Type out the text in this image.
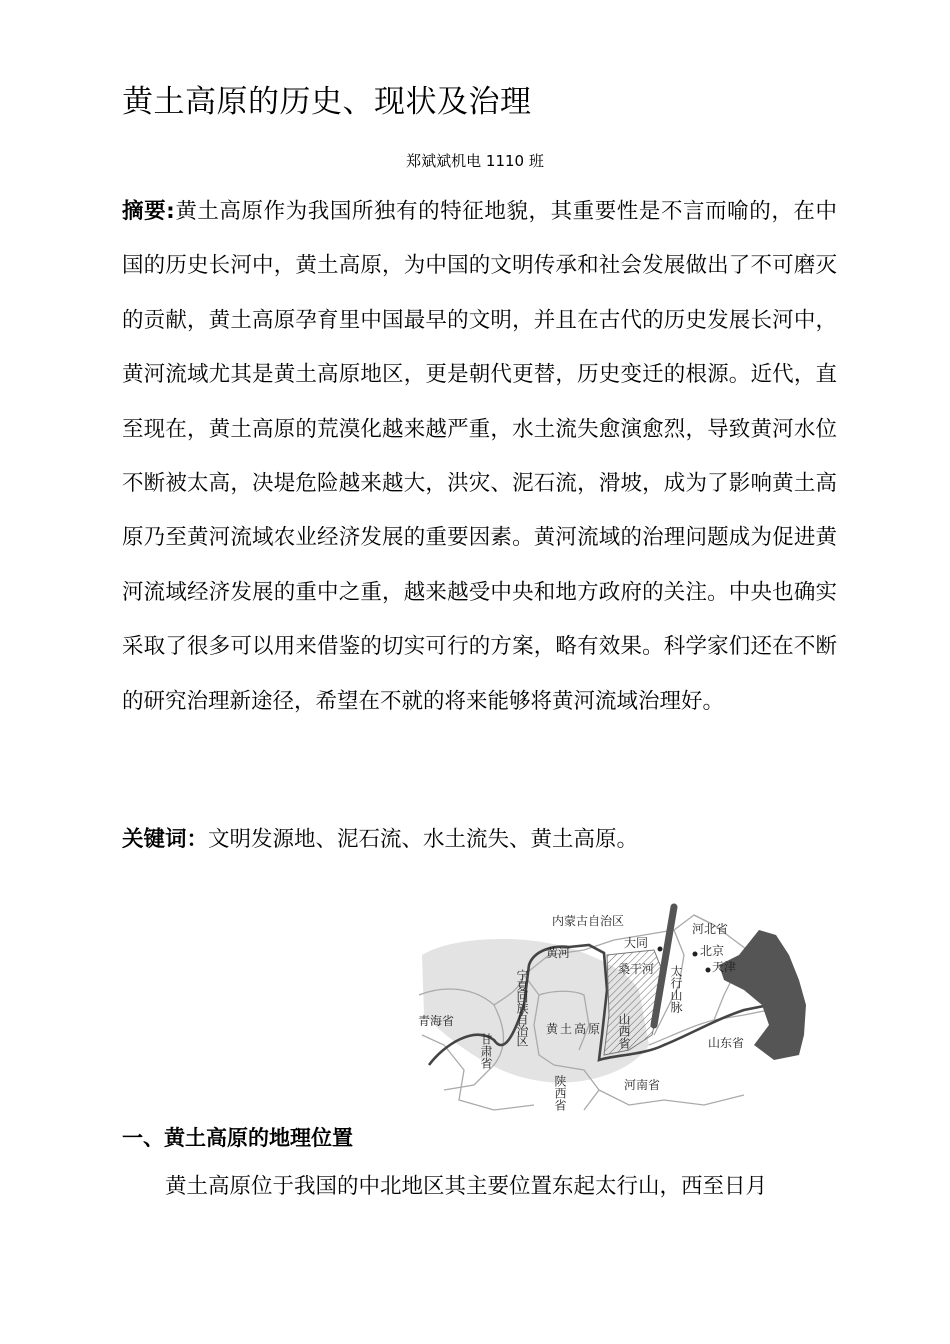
黄土高原的历史、现状及治理
郑斌斌机电 1110 班

摘要:黄土高原作为我国所独有的特征地貌，其重要性是不言而喻的，在中国的历史长河中，黄土高原，为中国的文明传承和社会发展做出了不可磨灭的贡献，黄土高原孕育里中国最早的文明，并且在古代的历史发展长河中，黄河流域尤其是黄土高原地区，更是朝代更替，历史变迁的根源。近代，直至现在，黄土高原的荒漠化越来越严重，水土流失愈演愈烈，导致黄河水位不断被太高，决堤危险越来越大，洪灾、泥石流，滑坡，成为了影响黄土高原乃至黄河流域农业经济发展的重要因素。黄河流域的治理问题成为促进黄河流域经济发展的重中之重，越来越受中央和地方政府的关注。中央也确实采取了很多可以用来借鉴的切实可行的方案，略有效果。科学家们还在不断的研究治理新途径，希望在不就的将来能够将黄河流域治理好。

关键词：文明发源地、泥石流、水土流失、黄土高原。

内蒙古自治区
河北省
大同
北京
天津
黄河
宁夏回族自治区	桑干河 太行山脉
青海省
甘肃省
黄土高原 山西省	山东省
陕西省	河南省
一、黄土高原的地理位置

黄土高原位于我国的中北地区其主要位置东起太行山，西至日月
